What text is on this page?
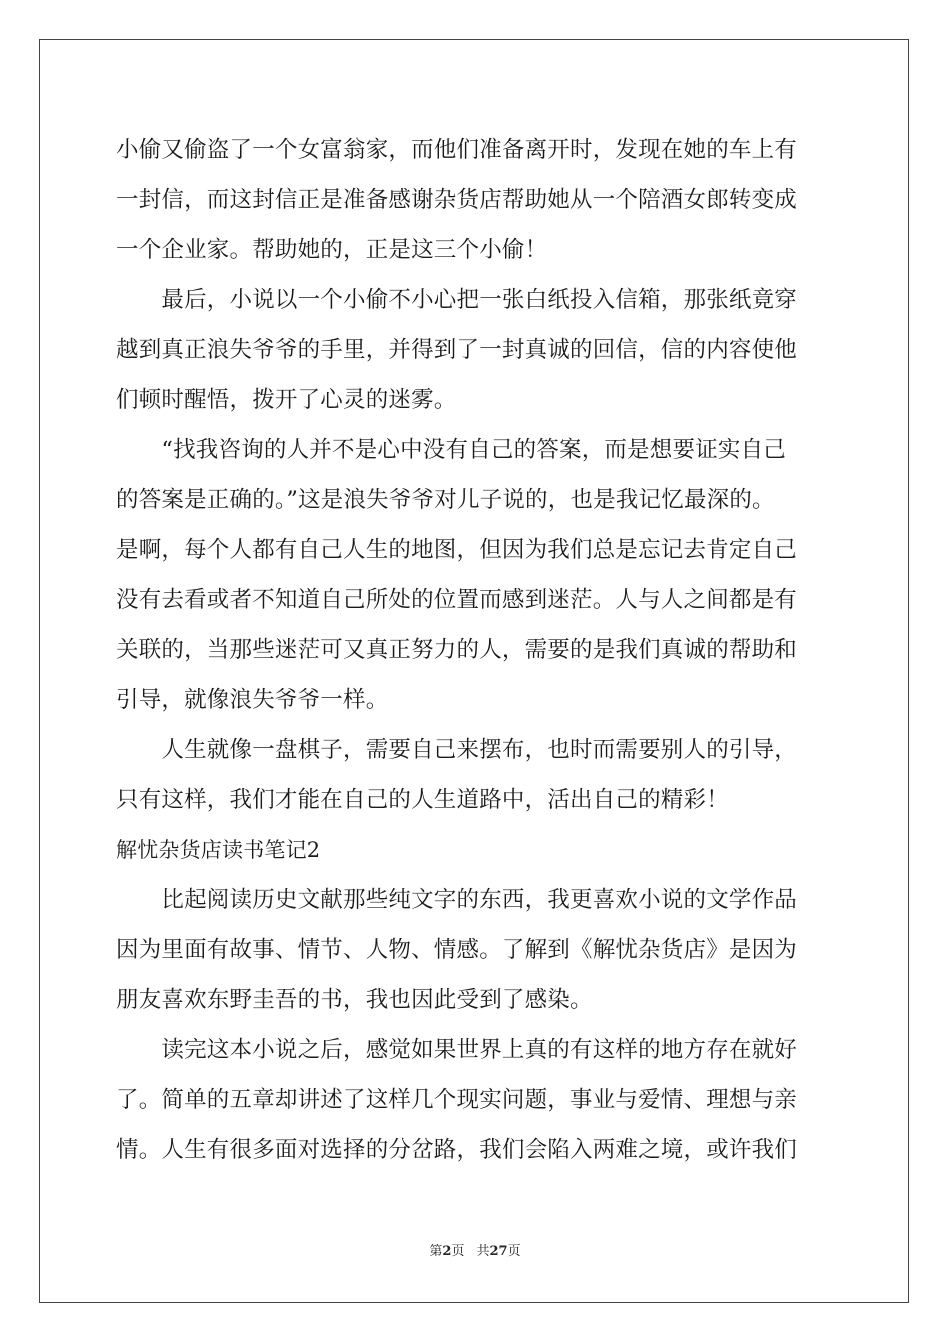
小偷又偷盗了一个女富翁家，而他们准备离开时，发现在她的车上有
一封信，而这封信正是准备感谢杂货店帮助她从一个陪酒女郎转变成
一个企业家。帮助她的，正是这三个小偷！
　　最后，小说以一个小偷不小心把一张白纸投入信箱，那张纸竟穿
越到真正浪失爷爷的手里，并得到了一封真诚的回信，信的内容使他
们顿时醒悟，拨开了心灵的迷雾。
　　“找我咨询的人并不是心中没有自己的答案，而是想要证实自己
的答案是正确的。”这是浪失爷爷对儿子说的，也是我记忆最深的。
是啊，每个人都有自己人生的地图，但因为我们总是忘记去肯定自己
没有去看或者不知道自己所处的位置而感到迷茫。人与人之间都是有
关联的，当那些迷茫可又真正努力的人，需要的是我们真诚的帮助和
引导，就像浪失爷爷一样。
　　人生就像一盘棋子，需要自己来摆布，也时而需要别人的引导，
只有这样，我们才能在自己的人生道路中，活出自己的精彩！
解忧杂货店读书笔记2
　　比起阅读历史文献那些纯文字的东西，我更喜欢小说的文学作品
因为里面有故事、情节、人物、情感。了解到《解忧杂货店》是因为
朋友喜欢东野圭吾的书，我也因此受到了感染。
　　读完这本小说之后，感觉如果世界上真的有这样的地方存在就好
了。简单的五章却讲述了这样几个现实问题，事业与爱情、理想与亲
情。人生有很多面对选择的分岔路，我们会陷入两难之境，或许我们
第2页 共27页
